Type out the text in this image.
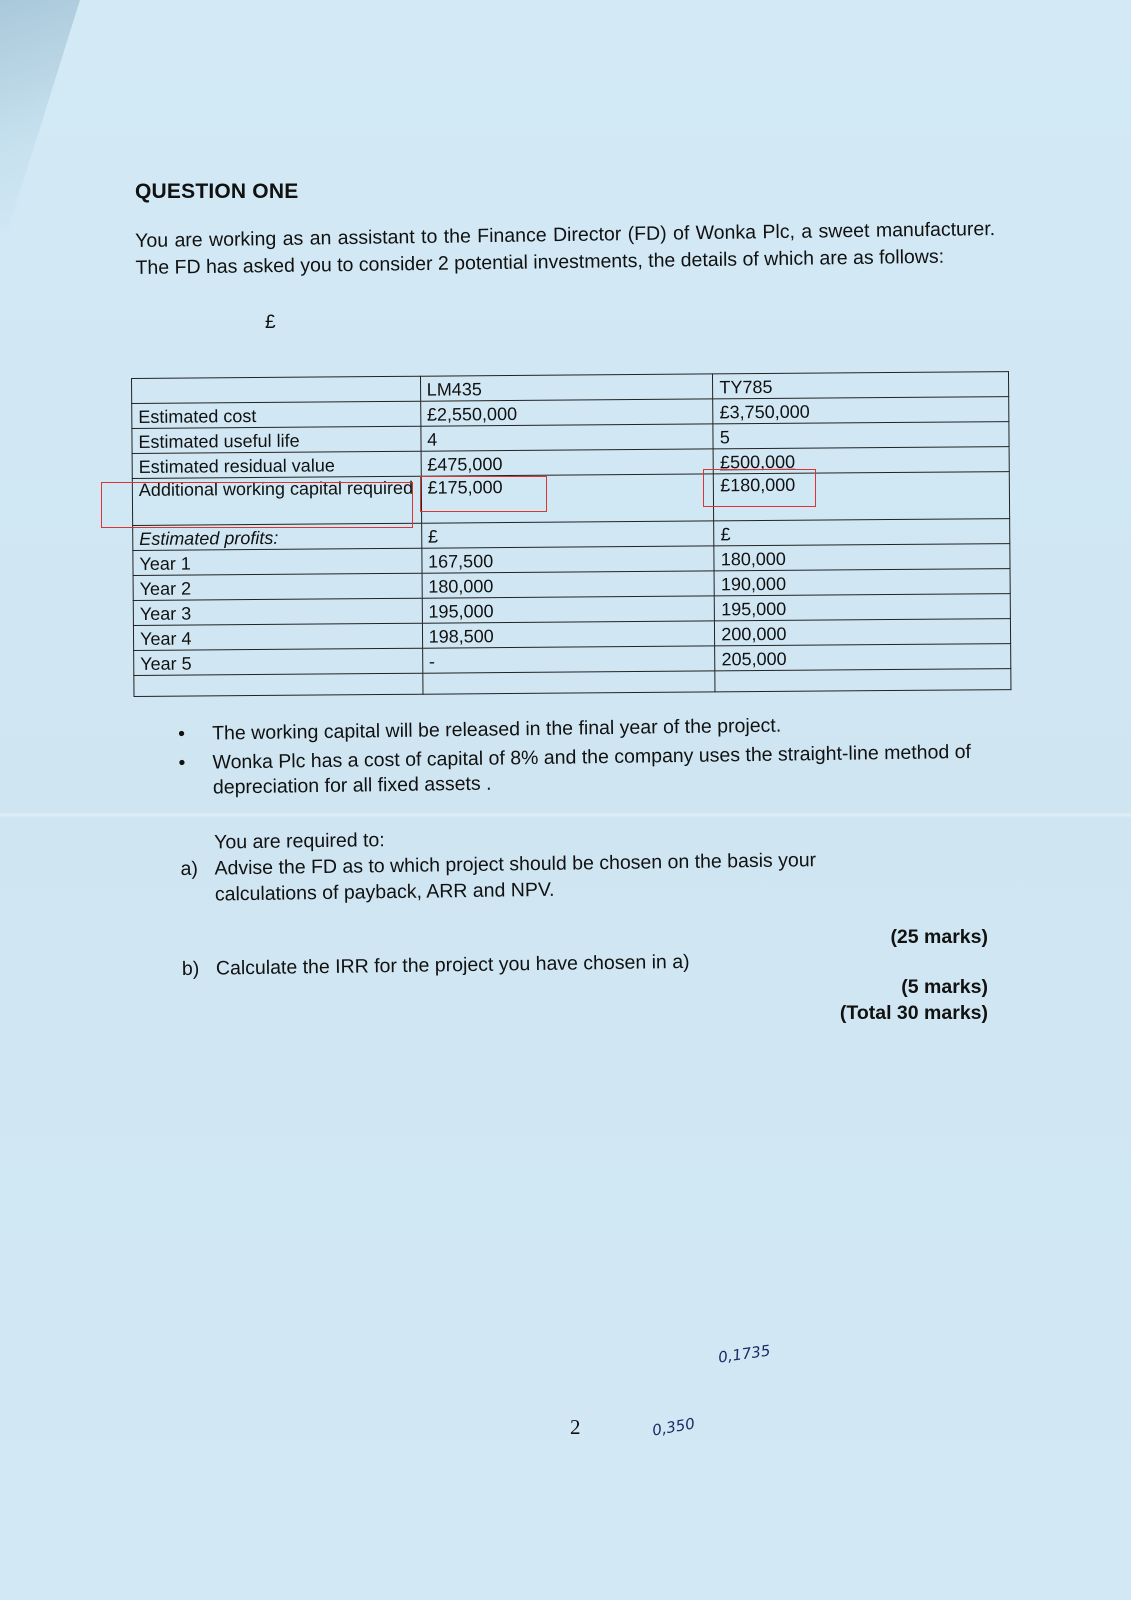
QUESTION ONE

You are working as an assistant to the Finance Director (FD) of Wonka Plc, a sweet manufacturer. The FD has asked you to consider 2 potential investments, the details of which are as follows:

£
	LM435	TY785
Estimated cost	£2,550,000	£3,750,000
Estimated useful life	4	5
Estimated residual value	£475,000	£500,000
Additional working capital required	£175,000	£180,000
Estimated profits:	£	£
Year 1	167,500	180,000
Year 2	180,000	190,000
Year 3	195,000	195,000
Year 4	198,500	200,000
Year 5	-	205,000

• The working capital will be released in the final year of the project.
• Wonka Plc has a cost of capital of 8% and the company uses the straight-line method of depreciation for all fixed assets .

You are required to:

a) Advise the FD as to which project should be chosen on the basis your calculations of payback, ARR and NPV.
b) Calculate the IRR for the project you have chosen in a)
(25 marks)
(5 marks)
(Total 30 marks)
2
0,1735
0,350
